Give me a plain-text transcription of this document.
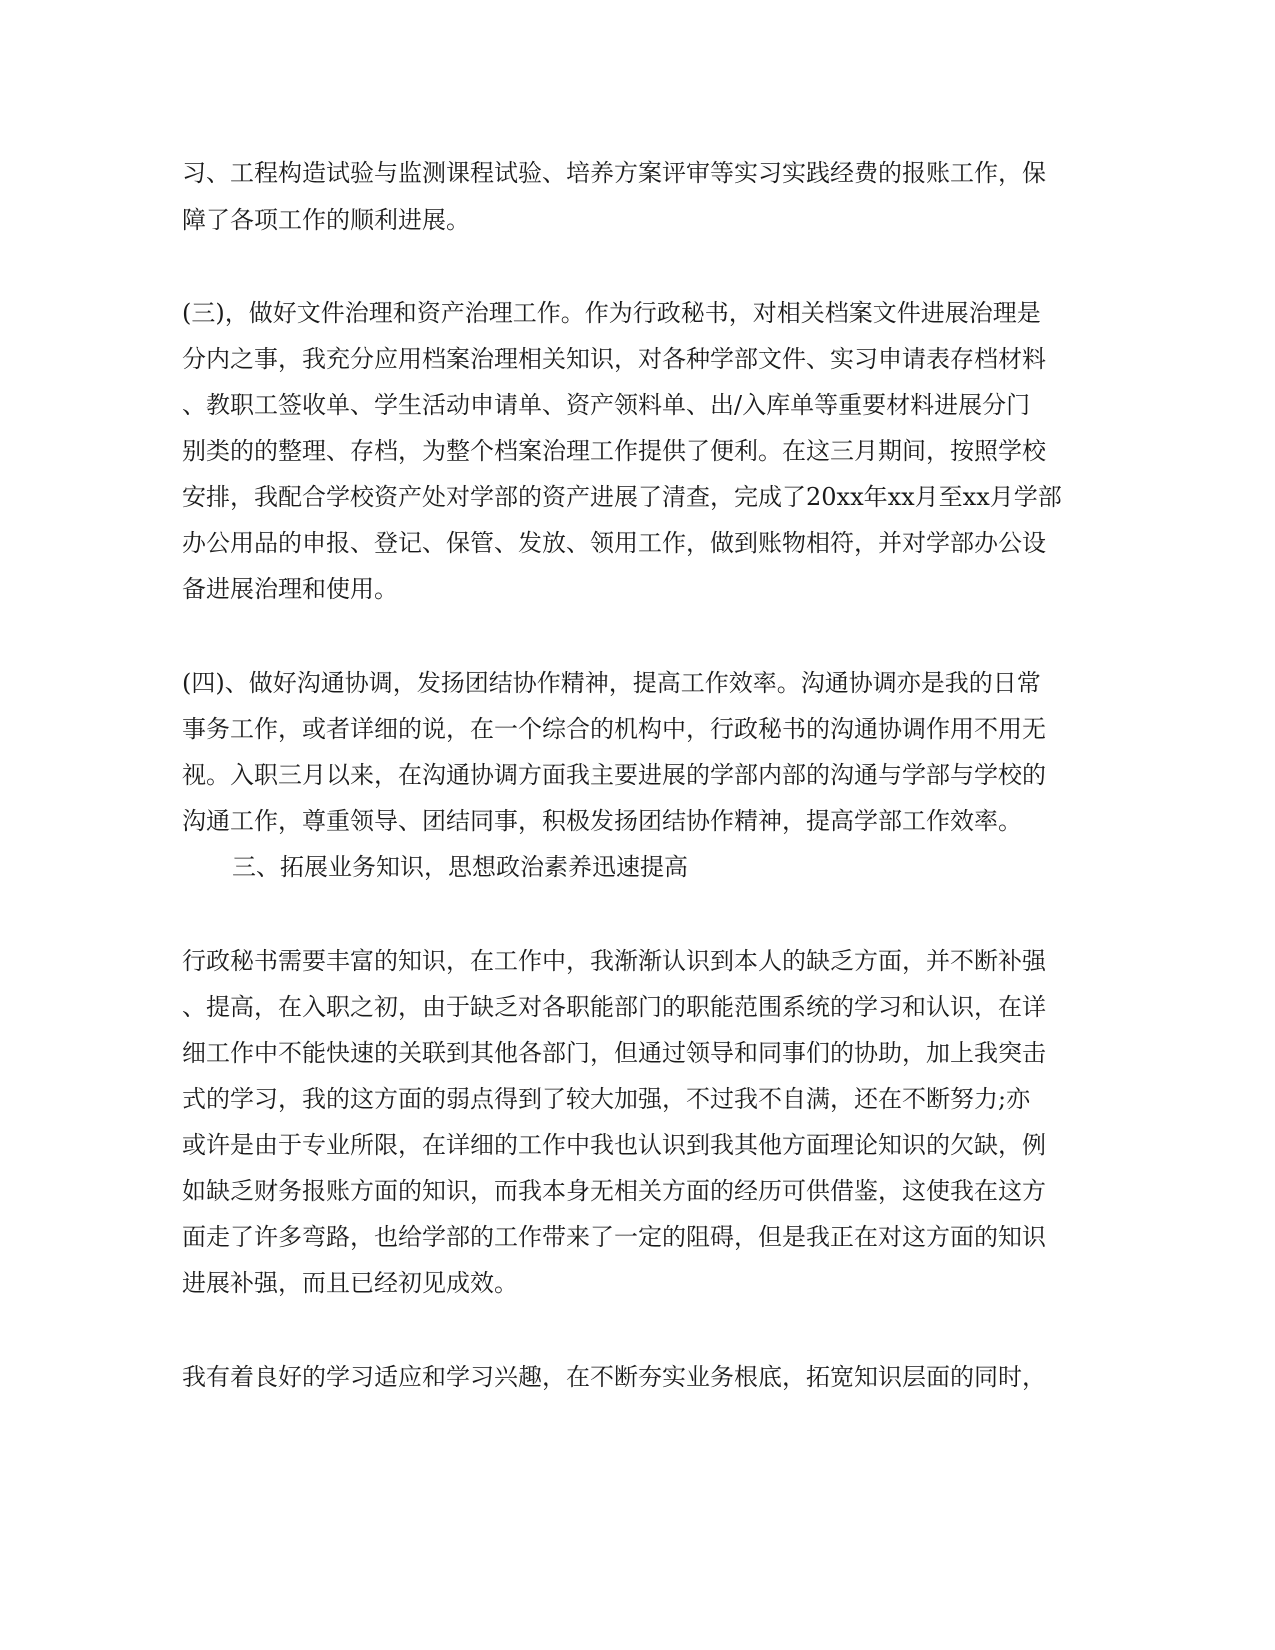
习、工程构造试验与监测课程试验、培养方案评审等实习实践经费的报账工作，保

障了各项工作的顺利进展。

(三)，做好文件治理和资产治理工作。作为行政秘书，对相关档案文件进展治理是

分内之事，我充分应用档案治理相关知识，对各种学部文件、实习申请表存档材料

、教职工签收单、学生活动申请单、资产领料单、出/入库单等重要材料进展分门

别类的的整理、存档，为整个档案治理工作提供了便利。在这三月期间，按照学校

安排，我配合学校资产处对学部的资产进展了清查，完成了20xx年xx月至xx月学部

办公用品的申报、登记、保管、发放、领用工作，做到账物相符，并对学部办公设

备进展治理和使用。

(四)、做好沟通协调，发扬团结协作精神，提高工作效率。沟通协调亦是我的日常

事务工作，或者详细的说，在一个综合的机构中，行政秘书的沟通协调作用不用无

视。入职三月以来，在沟通协调方面我主要进展的学部内部的沟通与学部与学校的

沟通工作，尊重领导、团结同事，积极发扬团结协作精神，提高学部工作效率。

三、拓展业务知识，思想政治素养迅速提高

行政秘书需要丰富的知识，在工作中，我渐渐认识到本人的缺乏方面，并不断补强

、提高，在入职之初，由于缺乏对各职能部门的职能范围系统的学习和认识，在详

细工作中不能快速的关联到其他各部门，但通过领导和同事们的协助，加上我突击

式的学习，我的这方面的弱点得到了较大加强，不过我不自满，还在不断努力;亦

或许是由于专业所限，在详细的工作中我也认识到我其他方面理论知识的欠缺，例

如缺乏财务报账方面的知识，而我本身无相关方面的经历可供借鉴，这使我在这方

面走了许多弯路，也给学部的工作带来了一定的阻碍，但是我正在对这方面的知识

进展补强，而且已经初见成效。

我有着良好的学习适应和学习兴趣，在不断夯实业务根底，拓宽知识层面的同时，
